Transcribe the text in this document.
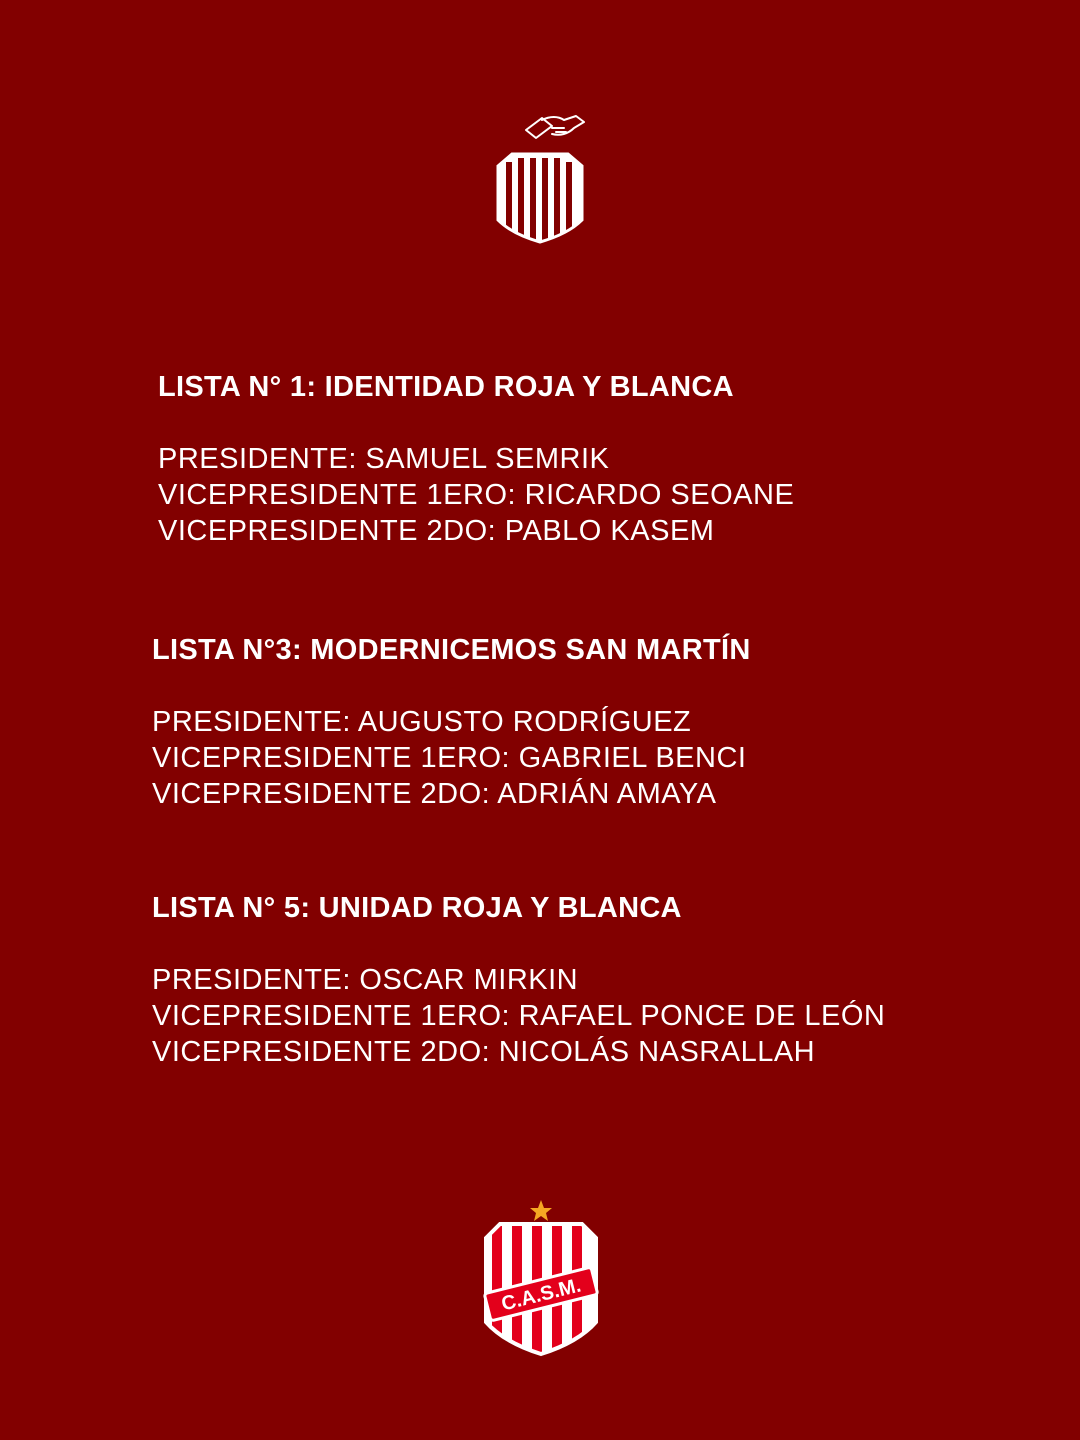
LISTA N° 1: IDENTIDAD ROJA Y BLANCA
PRESIDENTE: SAMUEL SEMRIK
VICEPRESIDENTE 1ERO: RICARDO SEOANE
VICEPRESIDENTE 2DO: PABLO KASEM
LISTA N°3: MODERNICEMOS SAN MARTÍN
PRESIDENTE: AUGUSTO RODRÍGUEZ
VICEPRESIDENTE 1ERO: GABRIEL BENCI
VICEPRESIDENTE 2DO: ADRIÁN AMAYA
LISTA N° 5: UNIDAD ROJA Y BLANCA
PRESIDENTE: OSCAR MIRKIN
VICEPRESIDENTE 1ERO: RAFAEL PONCE DE LEÓN
VICEPRESIDENTE 2DO: NICOLÁS NASRALLAH
C.A.S.M.
